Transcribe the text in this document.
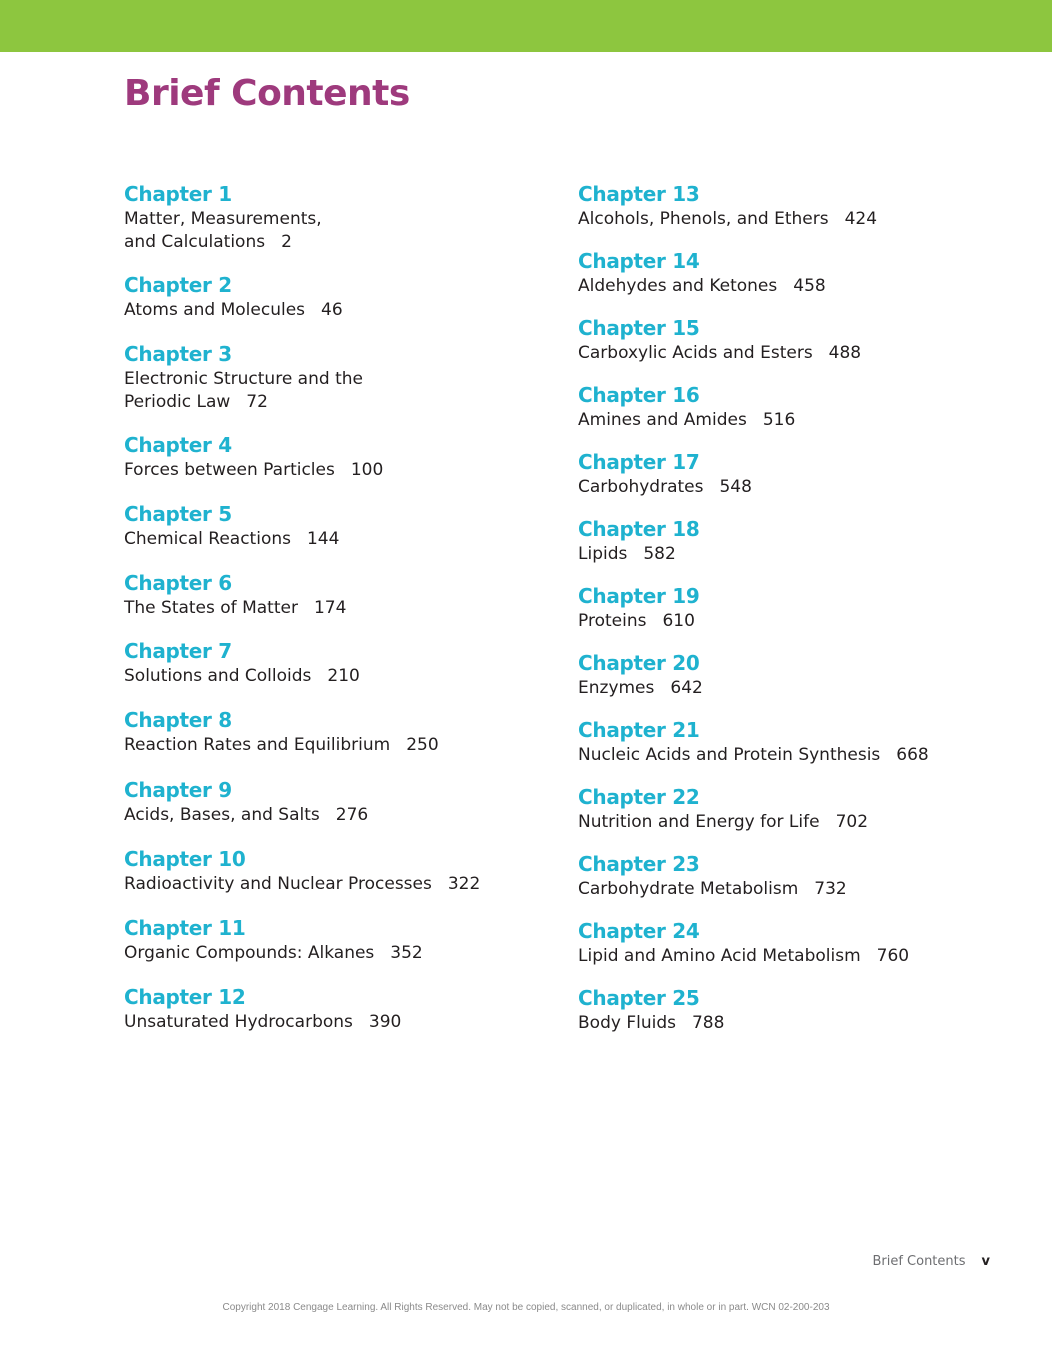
Brief Contents
Chapter 1
Matter, Measurements,
and Calculations 2
Chapter 2
Atoms and Molecules 46
Chapter 3
Electronic Structure and the
Periodic Law 72
Chapter 4
Forces between Particles 100
Chapter 5
Chemical Reactions 144
Chapter 6
The States of Matter 174
Chapter 7
Solutions and Colloids 210
Chapter 8
Reaction Rates and Equilibrium 250
Chapter 9
Acids, Bases, and Salts 276
Chapter 10
Radioactivity and Nuclear Processes 322
Chapter 11
Organic Compounds: Alkanes 352
Chapter 12
Unsaturated Hydrocarbons 390
Chapter 13
Alcohols, Phenols, and Ethers 424
Chapter 14
Aldehydes and Ketones 458
Chapter 15
Carboxylic Acids and Esters 488
Chapter 16
Amines and Amides 516
Chapter 17
Carbohydrates 548
Chapter 18
Lipids 582
Chapter 19
Proteins 610
Chapter 20
Enzymes 642
Chapter 21
Nucleic Acids and Protein Synthesis 668
Chapter 22
Nutrition and Energy for Life 702
Chapter 23
Carbohydrate Metabolism 732
Chapter 24
Lipid and Amino Acid Metabolism 760
Chapter 25
Body Fluids 788
Brief Contents v
Copyright 2018 Cengage Learning. All Rights Reserved. May not be copied, scanned, or duplicated, in whole or in part. WCN 02-200-203
